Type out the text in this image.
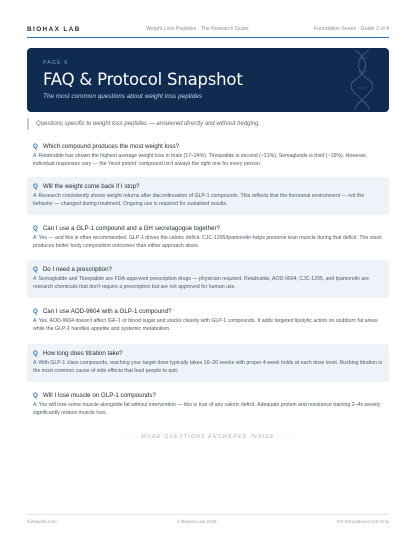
BIOHAX LAB	Weight Loss Peptides · The Research Guide	Foundation Series · Guide 2 of 4
PAGE 6
FAQ & Protocol Snapshot
The most common questions about weight loss peptides
Questions specific to weight loss peptides — answered directly and without hedging.
Q Which compound produces the most weight loss?
A Retatrutide has shown the highest average weight loss in trials (17–24%). Tirzepatide is second (~21%). Semaglutide is third (~15%). However, individual responses vary — the 'most potent' compound isn't always the right one for every person.
Q Will the weight come back if I stop?
A Research consistently shows weight returns after discontinuation of GLP-1 compounds. This reflects that the hormonal environment — not the behavior — changed during treatment. Ongoing use is required for sustained results.
Q Can I use a GLP-1 compound and a GH secretagogue together?
A Yes — and this is often recommended. GLP-1 drives the caloric deficit. CJC-1295/Ipamorelin helps preserve lean muscle during that deficit. The stack produces better body composition outcomes than either approach alone.
Q Do I need a prescription?
A Semaglutide and Tirzepatide are FDA-approved prescription drugs — physician required. Retatrutide, AOD-9604, CJC-1295, and Ipamorelin are research chemicals that don't require a prescription but are not approved for human use.
Q Can I use AOD-9604 with a GLP-1 compound?
A Yes. AOD-9604 doesn't affect IGF-1 or blood sugar and stacks cleanly with GLP-1 compounds. It adds targeted lipolytic action on stubborn fat areas while the GLP-1 handles appetite and systemic metabolism.
Q How long does titration take?
A With GLP-1 class compounds, reaching your target dose typically takes 16–20 weeks with proper 4-week holds at each dose level. Rushing titration is the most common cause of side effects that lead people to quit.
Q Will I lose muscle on GLP-1 compounds?
A You will lose some muscle alongside fat without intervention — this is true of any caloric deficit. Adequate protein and resistance training 2–4x weekly significantly reduce muscle loss.
· · · MORE QUESTIONS ANSWERED INSIDE · · ·
biohaxlab.com	© BioHax Lab 2025	For Educational Use Only
